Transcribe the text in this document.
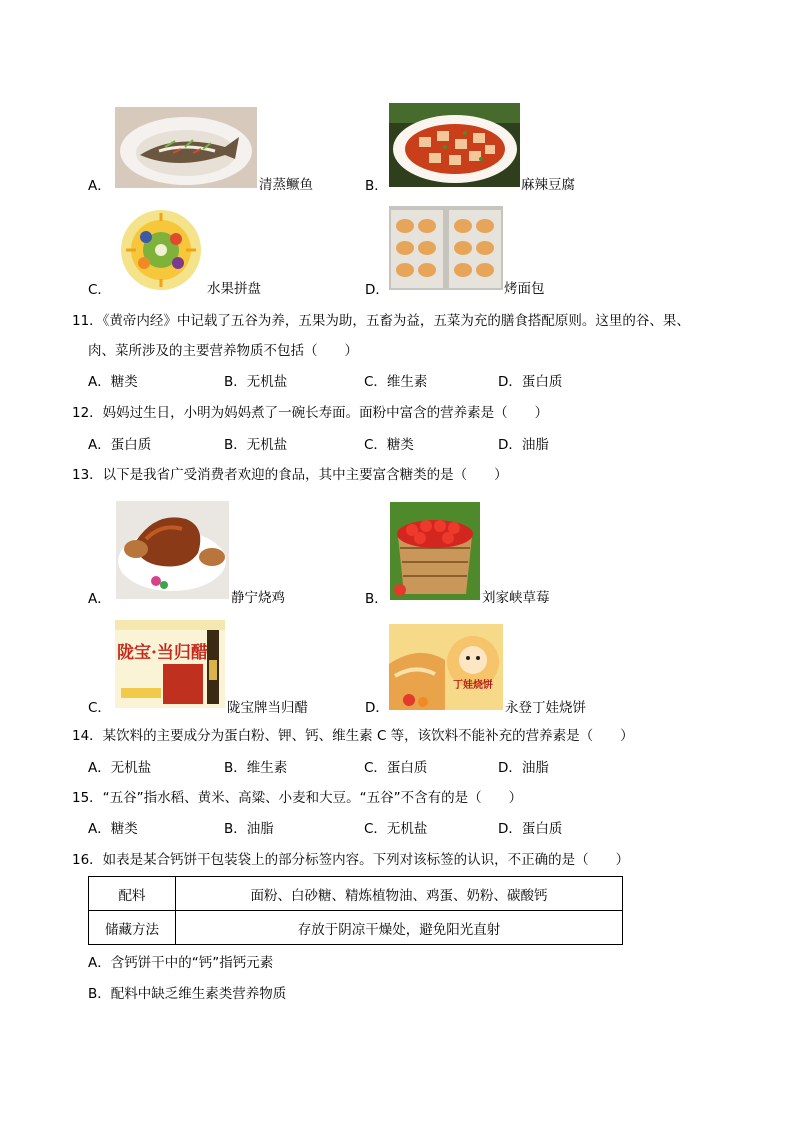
A．	清蒸鳜鱼	B．	麻辣豆腐
C．	水果拼盘	D．	烤面包
11．《黄帝内经》中记载了五谷为养，五果为助，五畜为益，五菜为充的膳食搭配原则。这里的谷、果、
肉、菜所涉及的主要营养物质不包括（　　）
A．糖类	B．无机盐	C．维生素	D．蛋白质
12．妈妈过生日，小明为妈妈煮了一碗长寿面。面粉中富含的营养素是（　　）
A．蛋白质	B．无机盐	C．糖类	D．油脂
13．以下是我省广受消费者欢迎的食品，其中主要富含糖类的是（　　）
A．	静宁烧鸡	B．	刘家峡草莓
陇宝·当归醋
C．	陇宝牌当归醋
丁娃烧饼
D．	永登丁娃烧饼
14．某饮料的主要成分为蛋白粉、钾、钙、维生素 C 等，该饮料不能补充的营养素是（　　）
A．无机盐	B．维生素	C．蛋白质	D．油脂
15．“五谷”指水稻、黄米、高粱、小麦和大豆。“五谷”不含有的是（　　）
A．糖类	B．油脂	C．无机盐	D．蛋白质
16．如表是某合钙饼干包装袋上的部分标签内容。下列对该标签的认识，不正确的是（　　）
配料	面粉、白砂糖、精炼植物油、鸡蛋、奶粉、碳酸钙
储藏方法	存放于阴凉干燥处，避免阳光直射
A．含钙饼干中的“钙”指钙元素
B．配料中缺乏维生素类营养物质
